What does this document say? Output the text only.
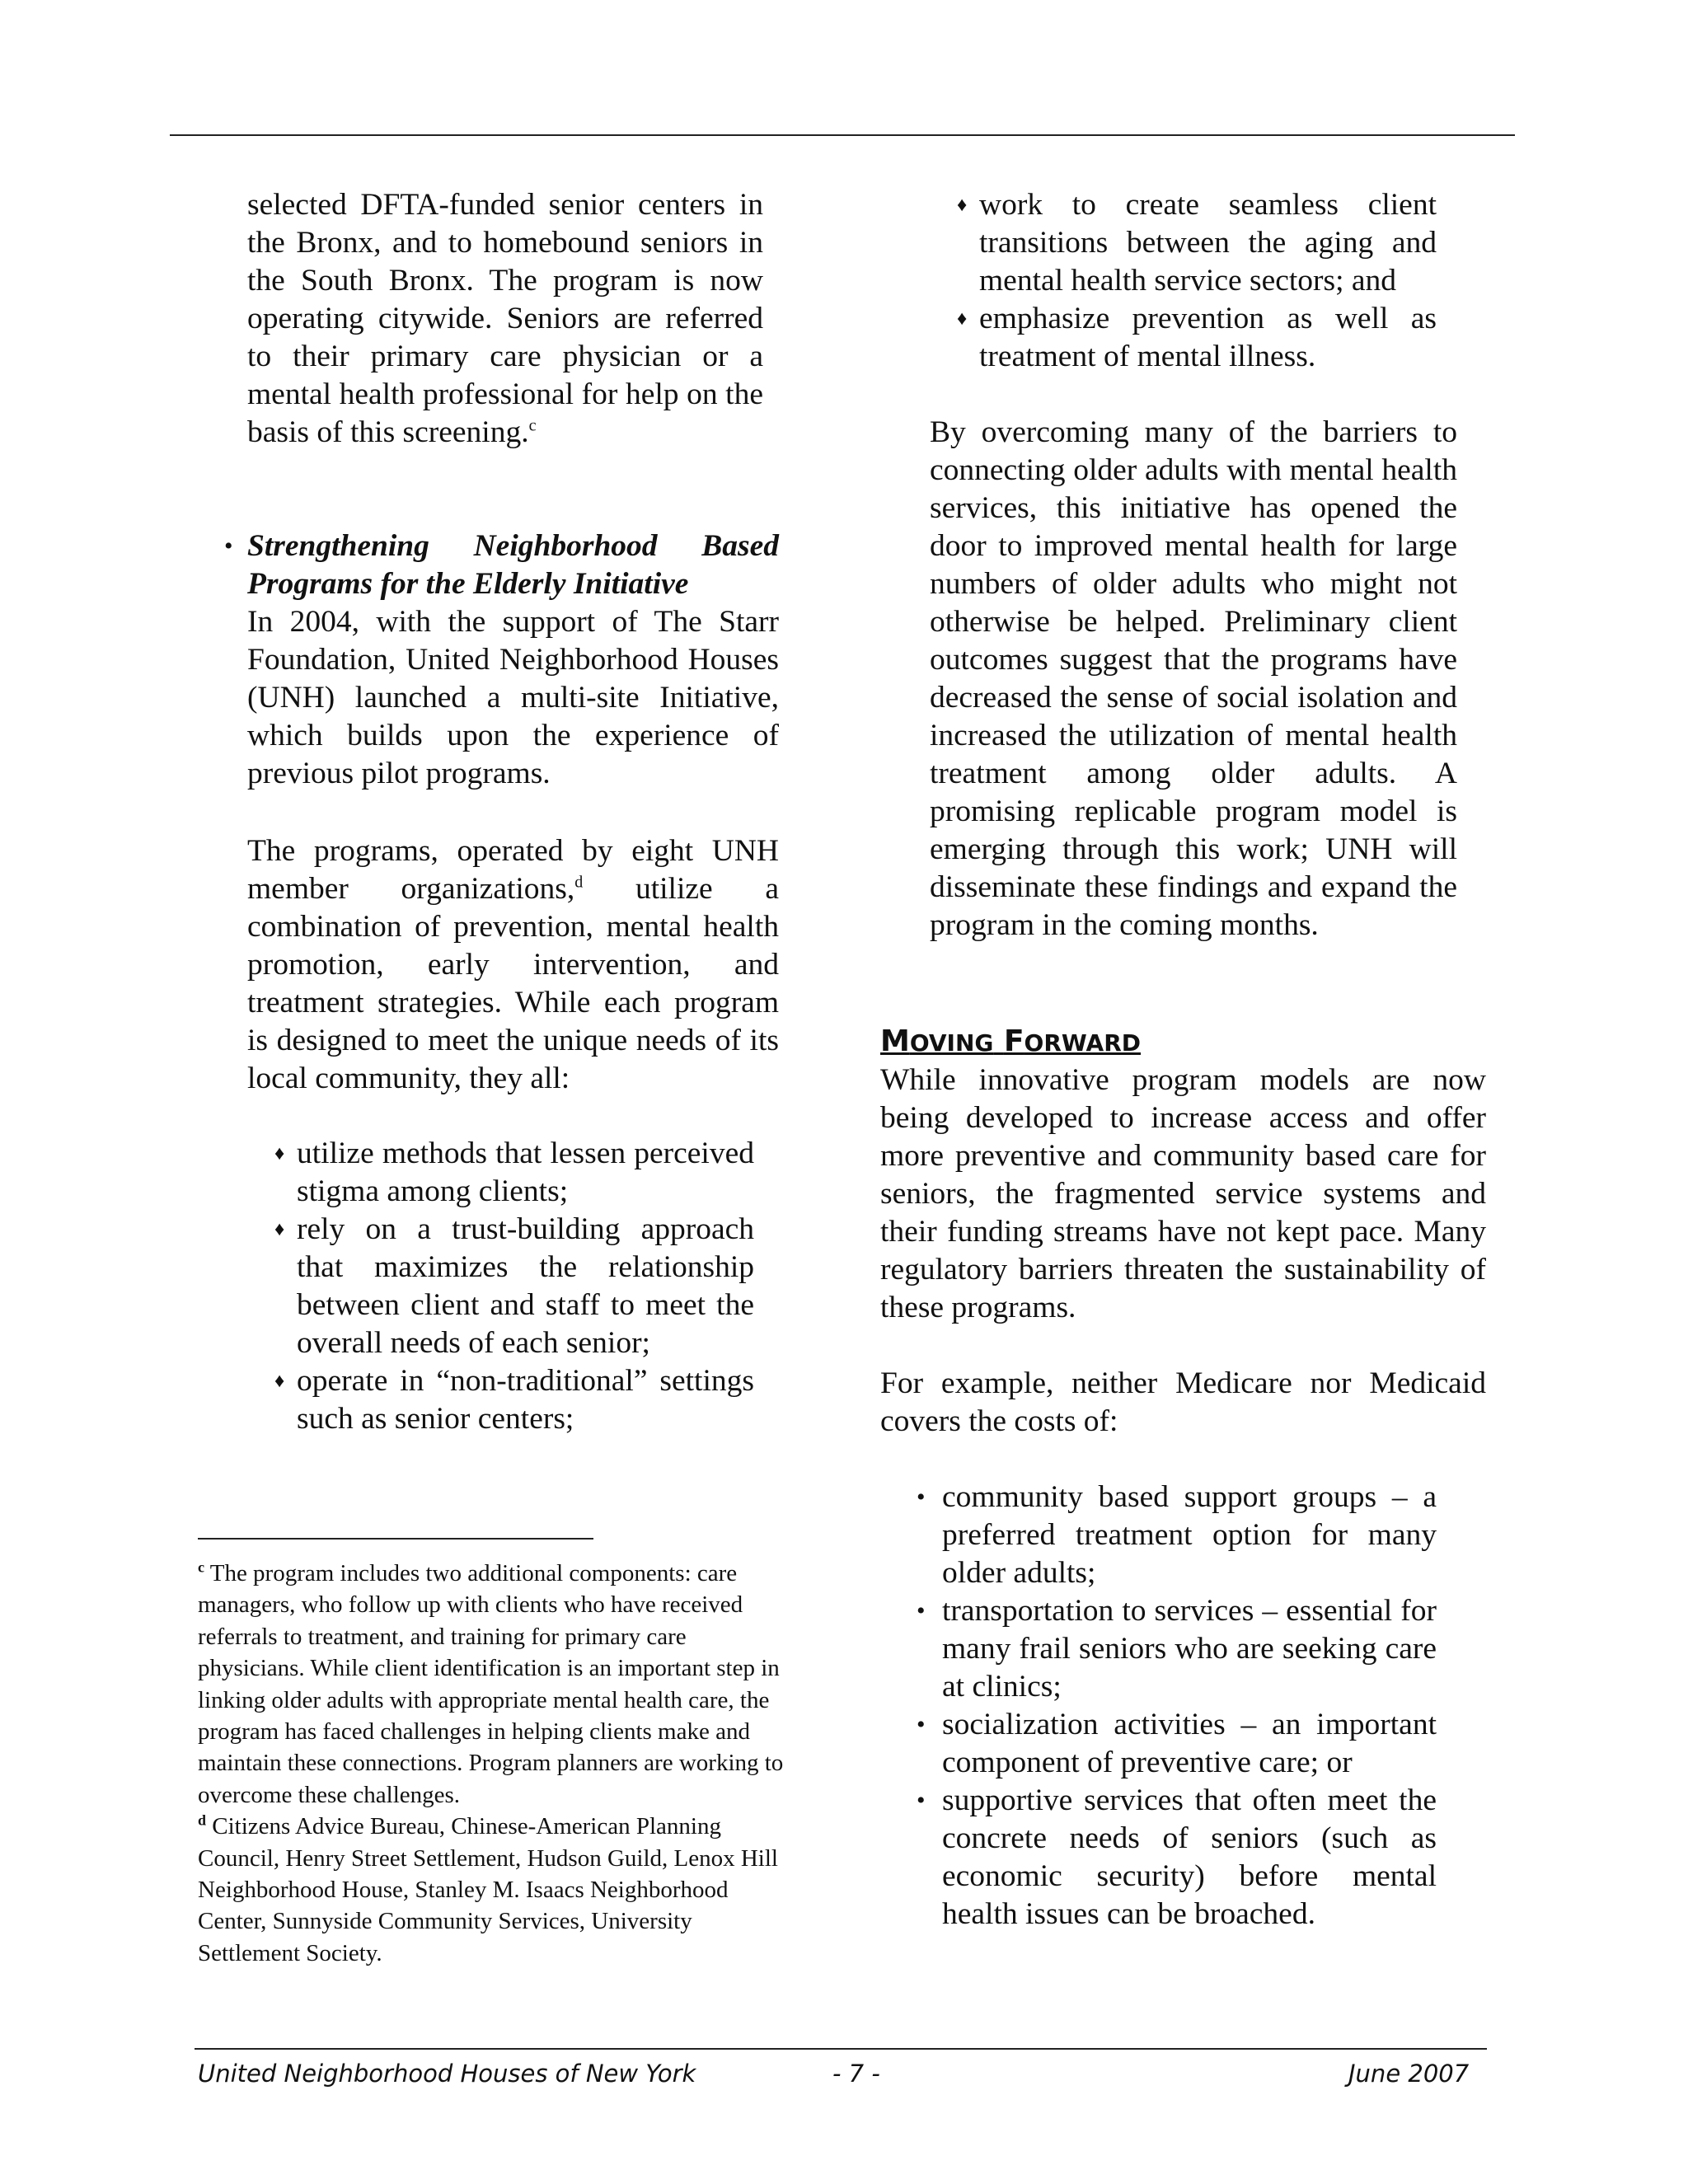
selected DFTA-funded senior centers in the Bronx, and to homebound seniors in the South Bronx. The program is now operating citywide. Seniors are referred to their primary care physician or a mental health professional for help on the basis of this screening.$^c$

• Strengthening Neighborhood Based Programs for the Elderly Initiative

In 2004, with the support of The Starr Foundation, United Neighborhood Houses (UNH) launched a multi-site Initiative, which builds upon the experience of previous pilot programs.

The programs, operated by eight UNH member organizations,$^d$ utilize a combination of prevention, mental health promotion, early intervention, and treatment strategies. While each program is designed to meet the unique needs of its local community, they all:

♦ utilize methods that lessen perceived stigma among clients;
♦ rely on a trust-building approach that maximizes the relationship between client and staff to meet the overall needs of each senior;
♦ operate in “non-traditional” settings such as senior centers;
♦ work to create seamless client transitions between the aging and mental health service sectors; and
♦ emphasize prevention as well as treatment of mental illness.

By overcoming many of the barriers to connecting older adults with mental health services, this initiative has opened the door to improved mental health for large numbers of older adults who might not otherwise be helped. Preliminary client outcomes suggest that the programs have decreased the sense of social isolation and increased the utilization of mental health treatment among older adults. A promising replicable program model is emerging through this work; UNH will disseminate these findings and expand the program in the coming months.

MOVING FORWARD

While innovative program models are now being developed to increase access and offer more preventive and community based care for seniors, the fragmented service systems and their funding streams have not kept pace. Many regulatory barriers threaten the sustainability of these programs.

For example, neither Medicare nor Medicaid covers the costs of:

• community based support groups – a preferred treatment option for many older adults;
• transportation to services – essential for many frail seniors who are seeking care at clinics;
• socialization activities – an important component of preventive care; or
• supportive services that often meet the concrete needs of seniors (such as economic security) before mental health issues can be broached.

$^c$ The program includes two additional components: care managers, who follow up with clients who have received referrals to treatment, and training for primary care physicians. While client identification is an important step in linking older adults with appropriate mental health care, the program has faced challenges in helping clients make and maintain these connections. Program planners are working to overcome these challenges.

$^d$ Citizens Advice Bureau, Chinese-American Planning Council, Henry Street Settlement, Hudson Guild, Lenox Hill Neighborhood House, Stanley M. Isaacs Neighborhood Center, Sunnyside Community Services, University Settlement Society.

United Neighborhood Houses of New York	- 7 -	June 2007
